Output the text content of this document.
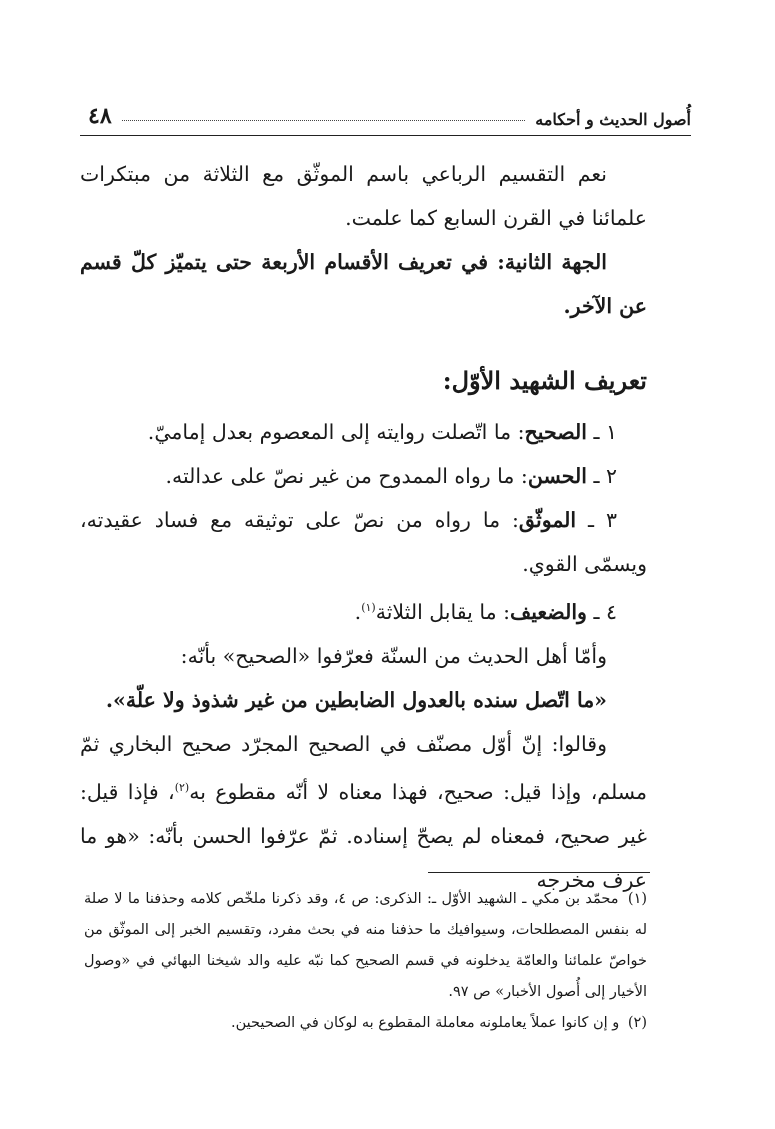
أُصول الحديث و أحكامه
٤٨

نعم التقسيم الرباعي باسم الموثّق مع الثلاثة من مبتكرات علمائنا في القرن السابع كما علمت.

الجهة الثانية: في تعريف الأقسام الأربعة حتى يتميّز كلّ قسم عن الآخر.

تعريف الشهيد الأوّل:

١ ـ الصحيح: ما اتّصلت روايته إلى المعصوم بعدل إماميّ.

٢ ـ الحسن: ما رواه الممدوح من غير نصّ على عدالته.

٣ ـ الموثّق: ما رواه من نصّ على توثيقه مع فساد عقيدته، ويسمّى القوي.

٤ ـ والضعيف: ما يقابل الثلاثة$^{(١)}$.

وأمّا أهل الحديث من السنّة فعرّفوا «الصحيح» بأنّه:

«ما اتّصل سنده بالعدول الضابطين من غير شذوذ ولا علّة».

وقالوا: إنّ أوّل مصنّف في الصحيح المجرّد صحيح البخاري ثمّ مسلم، وإذا قيل: صحيح، فهذا معناه لا أنّه مقطوع به$^{(٢)}$، فإذا قيل: غير صحيح، فمعناه لم يصحّ إسناده. ثمّ عرّفوا الحسن بأنّه: «هو ما عرف مخرجه

(١) محمّد بن مكي ـ الشهيد الأوّل ـ: الذكرى: ص ٤، وقد ذكرنا ملخّص كلامه وحذفنا ما لا صلة له بنفس المصطلحات، وسيوافيك ما حذفنا منه في بحث مفرد، وتقسيم الخبر إلى الموثّق من خواصّ علمائنا والعامّة يدخلونه في قسم الصحيح كما نبّه عليه والد شيخنا البهائي في «وصول الأخيار إلى أُصول الأخبار» ص ٩٧.

(٢) و إن كانوا عملاً يعاملونه معاملة المقطوع به لوكان في الصحيحين.
